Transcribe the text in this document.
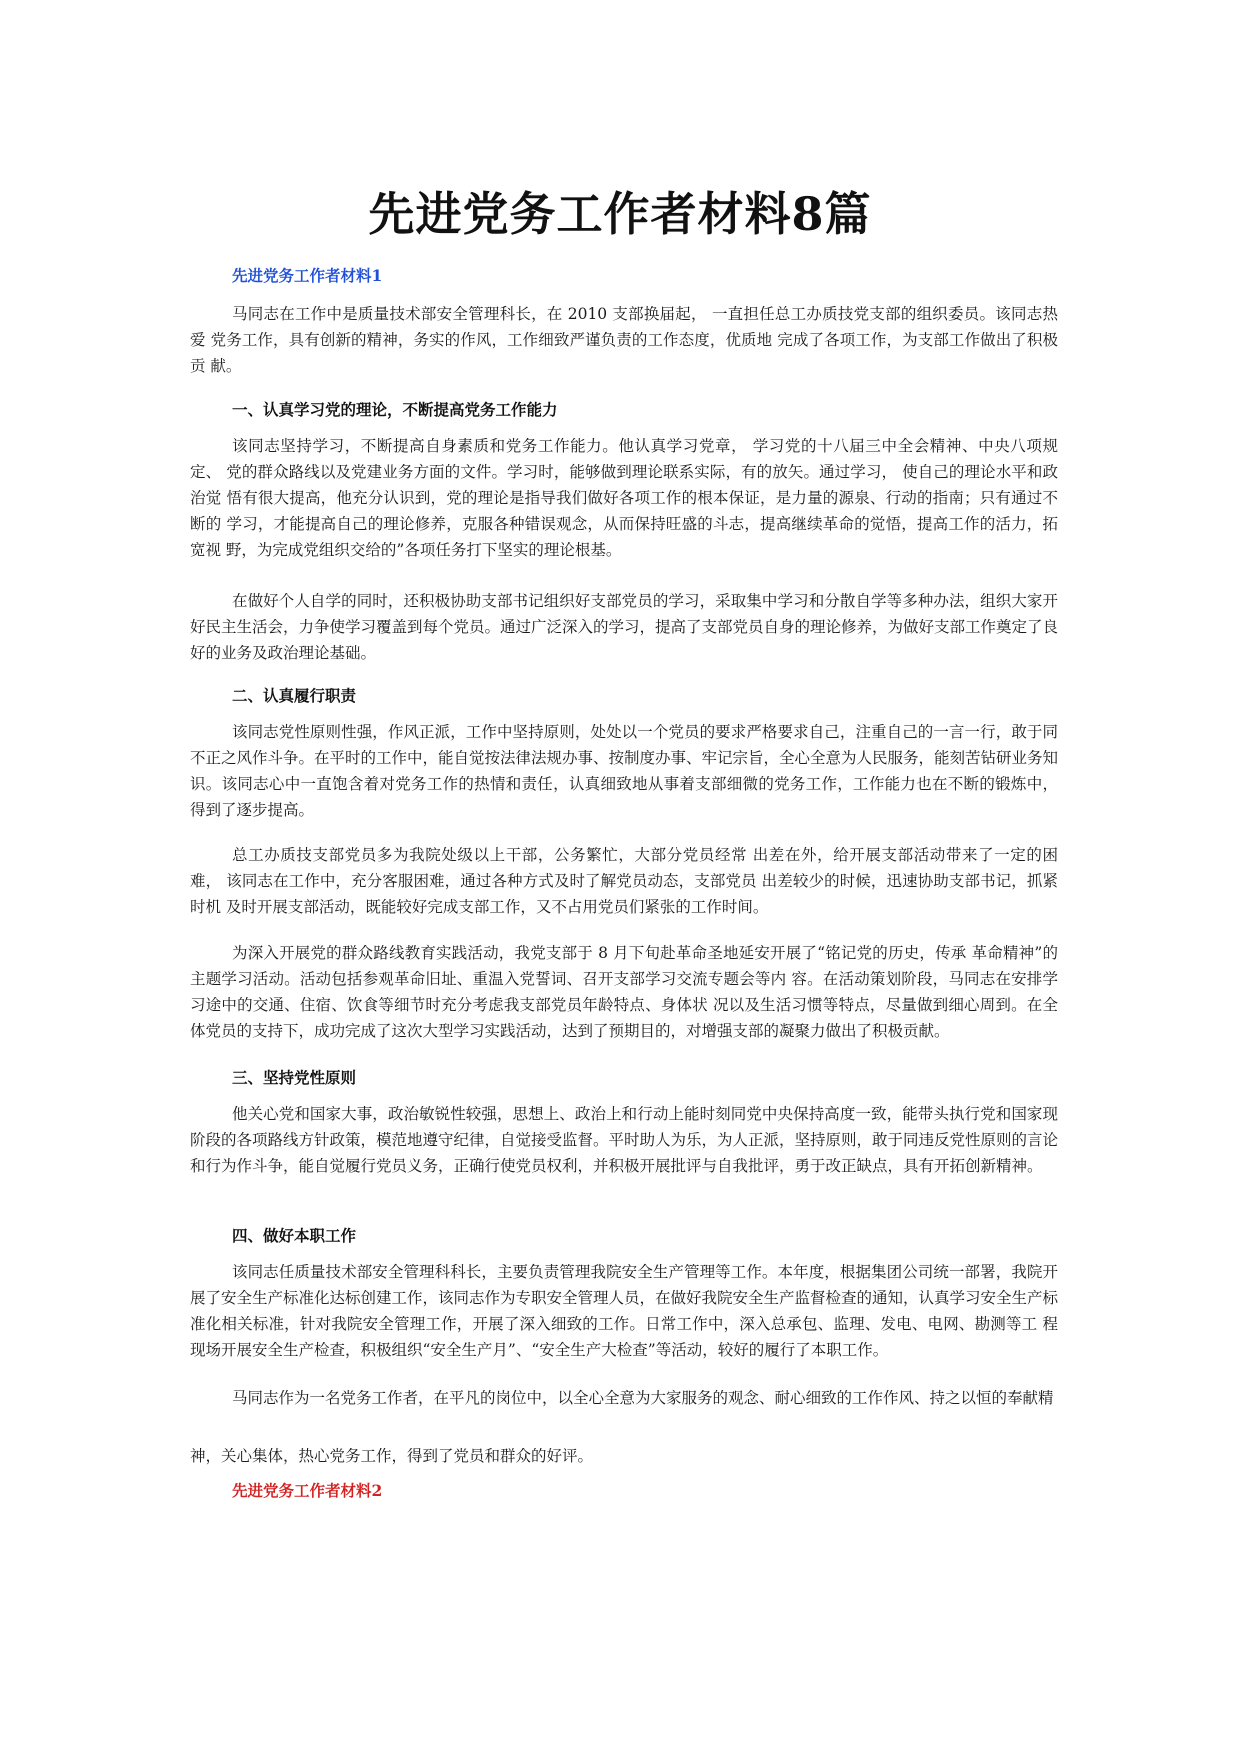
先进党务工作者材料8篇
先进党务工作者材料1

马同志在工作中是质量技术部安全管理科长，在 2010 支部换届起， 一直担任总工办质技党支部的组织委员。该同志热爱 党务工作，具有创新的精神，务实的作风，工作细致严谨负责的工作态度，优质地 完成了各项工作，为支部工作做出了积极贡 献。

一、认真学习党的理论，不断提高党务工作能力

该同志坚持学习，不断提高自身素质和党务工作能力。他认真学习党章， 学习党的十八届三中全会精神、中央八项规定、 党的群众路线以及党建业务方面的文件。学习时，能够做到理论联系实际，有的放矢。通过学习， 使自己的理论水平和政治觉 悟有很大提高，他充分认识到，党的理论是指导我们做好各项工作的根本保证，是力量的源泉、行动的指南；只有通过不断的 学习，才能提高自己的理论修养，克服各种错误观念，从而保持旺盛的斗志，提高继续革命的觉悟，提高工作的活力，拓宽视 野，为完成党组织交给的”各项任务打下坚实的理论根基。

在做好个人自学的同时，还积极协助支部书记组织好支部党员的学习，采取集中学习和分散自学等多种办法，组织大家开好民主生活会，力争使学习覆盖到每个党员。通过广泛深入的学习，提高了支部党员自身的理论修养，为做好支部工作奠定了良好的业务及政治理论基础。

二、认真履行职责

该同志党性原则性强，作风正派，工作中坚持原则，处处以一个党员的要求严格要求自己，注重自己的一言一行，敢于同不正之风作斗争。在平时的工作中，能自觉按法律法规办事、按制度办事、牢记宗旨，全心全意为人民服务，能刻苦钻研业务知识。该同志心中一直饱含着对党务工作的热情和责任，认真细致地从事着支部细微的党务工作，工作能力也在不断的锻炼中， 得到了逐步提高。

总工办质技支部党员多为我院处级以上干部，公务繁忙，大部分党员经常 出差在外，给开展支部活动带来了一定的困难， 该同志在工作中，充分客服困难，通过各种方式及时了解党员动态，支部党员 出差较少的时候，迅速协助支部书记，抓紧时机 及时开展支部活动，既能较好完成支部工作，又不占用党员们紧张的工作时间。

为深入开展党的群众路线教育实践活动，我党支部于 8 月下旬赴革命圣地延安开展了“铭记党的历史，传承 革命精神”的 主题学习活动。活动包括参观革命旧址、重温入党誓词、召开支部学习交流专题会等内 容。在活动策划阶段，马同志在安排学 习途中的交通、住宿、饮食等细节时充分考虑我支部党员年龄特点、身体状 况以及生活习惯等特点，尽量做到细心周到。在全 体党员的支持下，成功完成了这次大型学习实践活动，达到了预期目的，对增强支部的凝聚力做出了积极贡献。

三、坚持党性原则

他关心党和国家大事，政治敏锐性较强，思想上、政治上和行动上能时刻同党中央保持高度一致，能带头执行党和国家现阶段的各项路线方针政策，模范地遵守纪律，自觉接受监督。平时助人为乐，为人正派，坚持原则，敢于同违反党性原则的言论和行为作斗争，能自觉履行党员义务，正确行使党员权利，并积极开展批评与自我批评，勇于改正缺点，具有开拓创新精神。

四、做好本职工作

该同志任质量技术部安全管理科科长，主要负责管理我院安全生产管理等工作。本年度，根据集团公司统一部署，我院开展了安全生产标准化达标创建工作，该同志作为专职安全管理人员，在做好我院安全生产监督检查的通知，认真学习安全生产标准化相关标准，针对我院安全管理工作，开展了深入细致的工作。日常工作中，深入总承包、监理、发电、电网、勘测等工 程现场开展安全生产检查，积极组织“安全生产月”、“安全生产大检查”等活动，较好的履行了本职工作。

马同志作为一名党务工作者，在平凡的岗位中，以全心全意为大家服务的观念、耐心细致的工作作风、持之以恒的奉献精

神，关心集体，热心党务工作，得到了党员和群众的好评。

先进党务工作者材料2
